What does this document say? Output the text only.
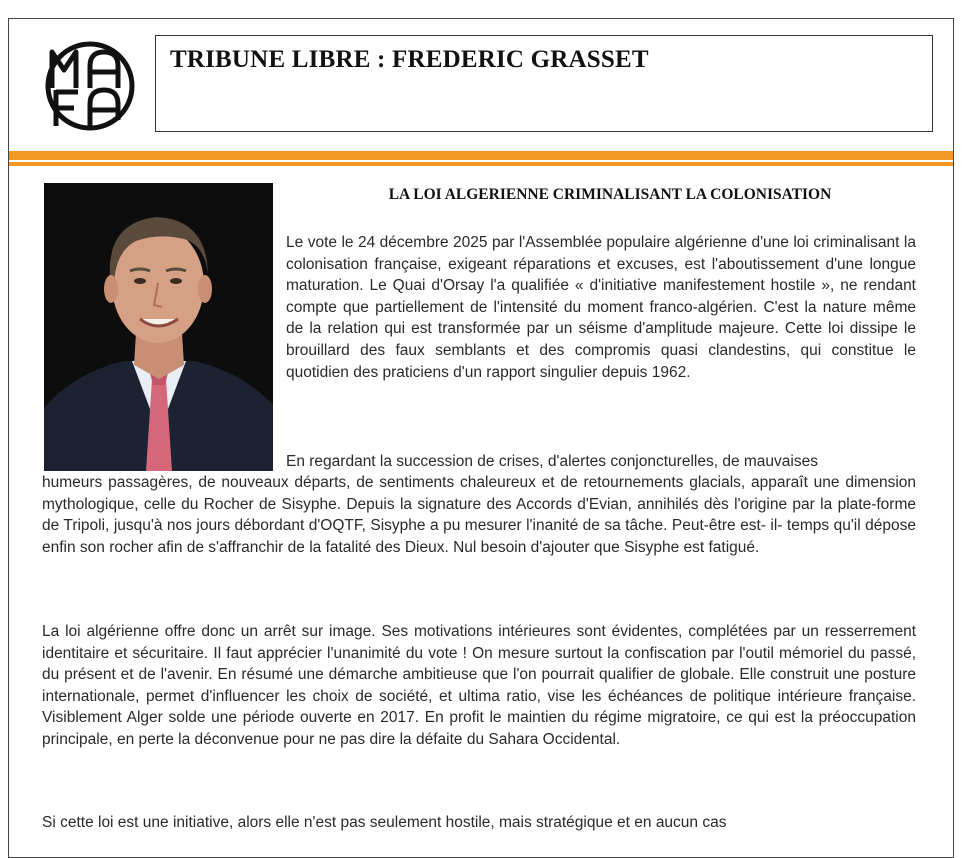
TRIBUNE LIBRE : FREDERIC GRASSET
LA LOI ALGERIENNE CRIMINALISANT LA COLONISATION

Le vote le 24 décembre 2025 par l'Assemblée populaire algérienne d'une loi criminalisant la colonisation française, exigeant réparations et excuses, est l'aboutissement d'une longue maturation. Le Quai d'Orsay l'a qualifiée « d'initiative manifestement hostile », ne rendant compte que partiellement de l'intensité du moment franco-algérien. C'est la nature même de la relation qui est transformée par un séisme d'amplitude majeure. Cette loi dissipe le brouillard des faux semblants et des compromis quasi clandestins, qui constitue le quotidien des praticiens d'un rapport singulier depuis 1962.

En regardant la succession de crises, d'alertes conjoncturelles, de mauvaises

humeurs passagères, de nouveaux départs, de sentiments chaleureux et de retournements glacials, apparaît une dimension mythologique, celle du Rocher de Sisyphe. Depuis la signature des Accords d'Evian, annihilés dès l'origine par la plate-forme de Tripoli, jusqu'à nos jours débordant d'OQTF, Sisyphe a pu mesurer l'inanité de sa tâche. Peut-être est- il- temps qu'il dépose enfin son rocher afin de s'affranchir de la fatalité des Dieux. Nul besoin d'ajouter que Sisyphe est fatigué.

La loi algérienne offre donc un arrêt sur image. Ses motivations intérieures sont évidentes, complétées par un resserrement identitaire et sécuritaire. Il faut apprécier l'unanimité du vote ! On mesure surtout la confiscation par l'outil mémoriel du passé, du présent et de l'avenir. En résumé une démarche ambitieuse que l'on pourrait qualifier de globale. Elle construit une posture internationale, permet d'influencer les choix de société, et ultima ratio, vise les échéances de politique intérieure française. Visiblement Alger solde une période ouverte en 2017. En profit le maintien du régime migratoire, ce qui est la préoccupation principale, en perte la déconvenue pour ne pas dire la défaite du Sahara Occidental.

Si cette loi est une initiative, alors elle n'est pas seulement hostile, mais stratégique et en aucun cas
